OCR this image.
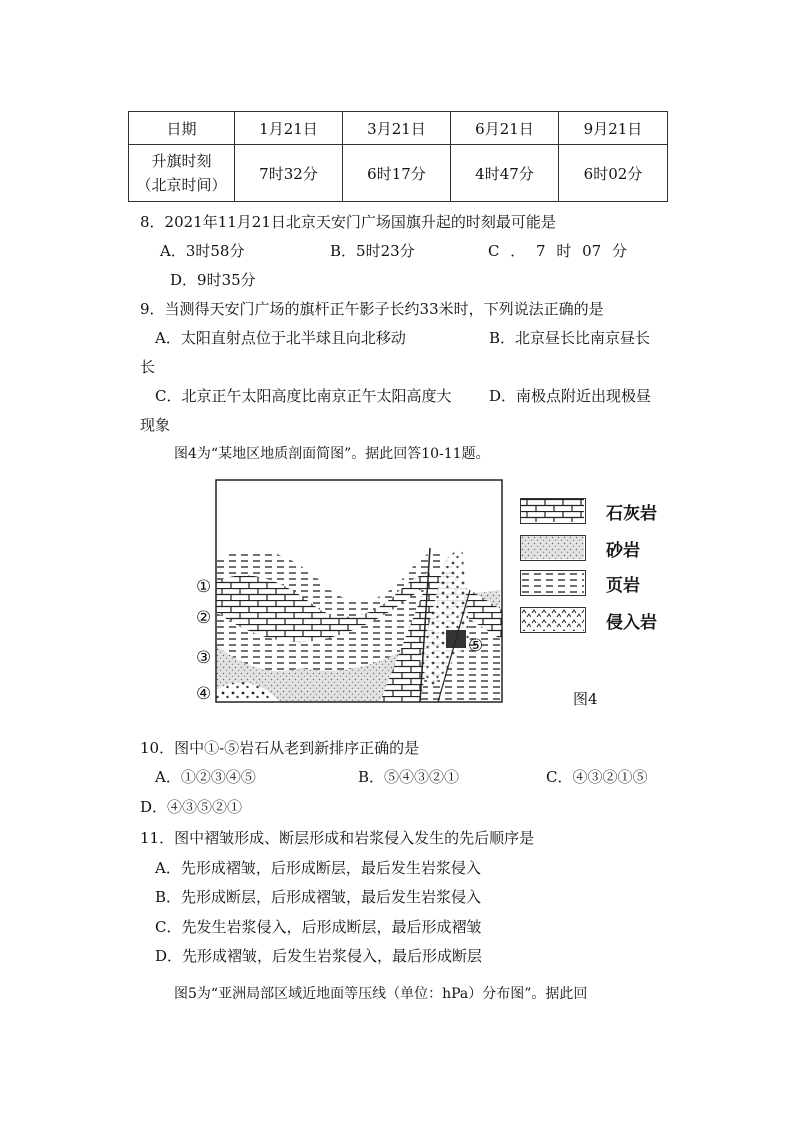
日期	1月21日	3月21日	6月21日	9月21日

升旗时刻
（北京时间）	7时32分	6时17分	4时47分	6时02分
8．2021年11月21日北京天安门广场国旗升起的时刻最可能是
A．3时58分	B．5时23分	C ． 7 时 07 分
D．9时35分
9．当测得天安门广场的旗杆正午影子长约33米时，下列说法正确的是
A．太阳直射点位于北半球且向北移动	B．北京昼长比南京昼长
长
C．北京正午太阳高度比南京正午太阳高度大	D．南极点附近出现极昼
现象
图4为“某地区地质剖面简图”。据此回答10-11题。
①
②
③
④
⑤
石灰岩
砂岩
页岩
侵入岩
图4
10．图中①-⑤岩石从老到新排序正确的是
A．①②③④⑤	B．⑤④③②①	C．④③②①⑤
D．④③⑤②①
11．图中褶皱形成、断层形成和岩浆侵入发生的先后顺序是
A．先形成褶皱，后形成断层，最后发生岩浆侵入
B．先形成断层，后形成褶皱，最后发生岩浆侵入
C．先发生岩浆侵入，后形成断层，最后形成褶皱
D．先形成褶皱，后发生岩浆侵入，最后形成断层
图5为“亚洲局部区域近地面等压线（单位：hPa）分布图”。据此回
